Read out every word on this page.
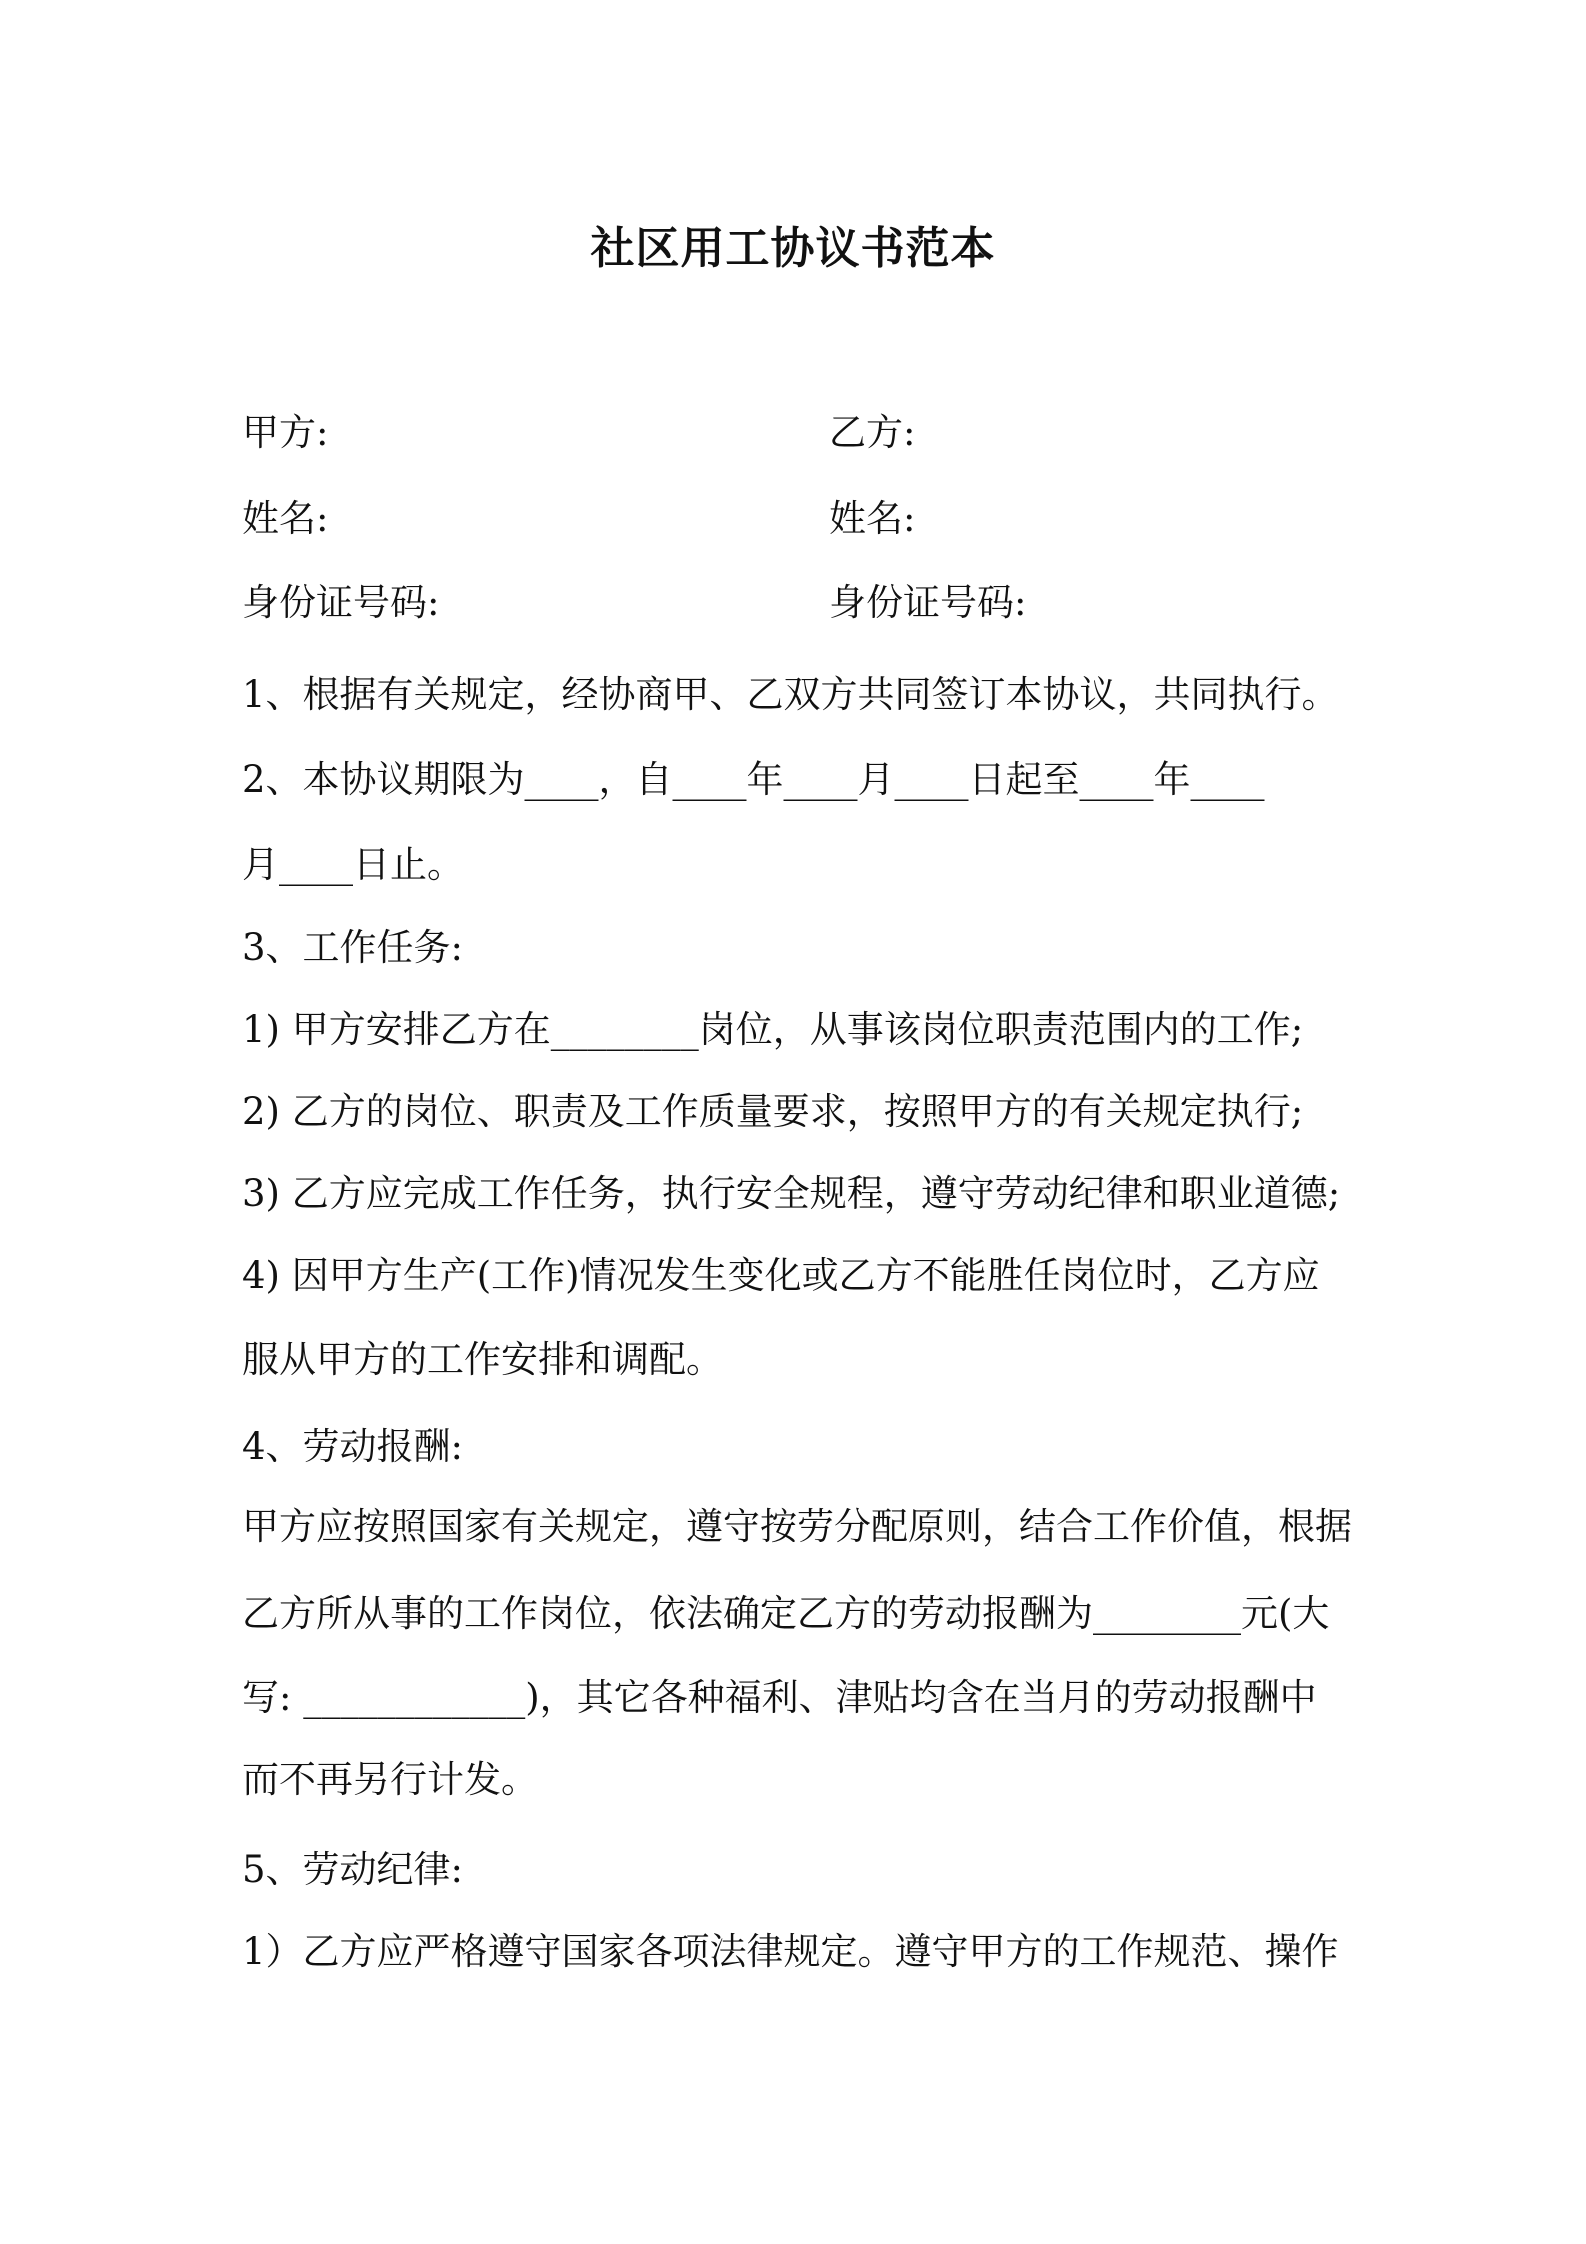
社区用工协议书范本
甲方:	乙方:
姓名:	姓名:
身份证号码:	身份证号码:
1、根据有关规定，经协商甲、乙双方共同签订本协议，共同执行。
2、本协议期限为____，自____年____月____日起至____年____
月____日止。
3、工作任务:
1) 甲方安排乙方在________岗位，从事该岗位职责范围内的工作;
2) 乙方的岗位、职责及工作质量要求，按照甲方的有关规定执行;
3) 乙方应完成工作任务，执行安全规程，遵守劳动纪律和职业道德;
4) 因甲方生产(工作)情况发生变化或乙方不能胜任岗位时，乙方应
服从甲方的工作安排和调配。
4、劳动报酬:
甲方应按照国家有关规定，遵守按劳分配原则，结合工作价值，根据
乙方所从事的工作岗位，依法确定乙方的劳动报酬为________元(大
写: ____________)，其它各种福利、津贴均含在当月的劳动报酬中
而不再另行计发。
5、劳动纪律:
1）乙方应严格遵守国家各项法律规定。遵守甲方的工作规范、操作
